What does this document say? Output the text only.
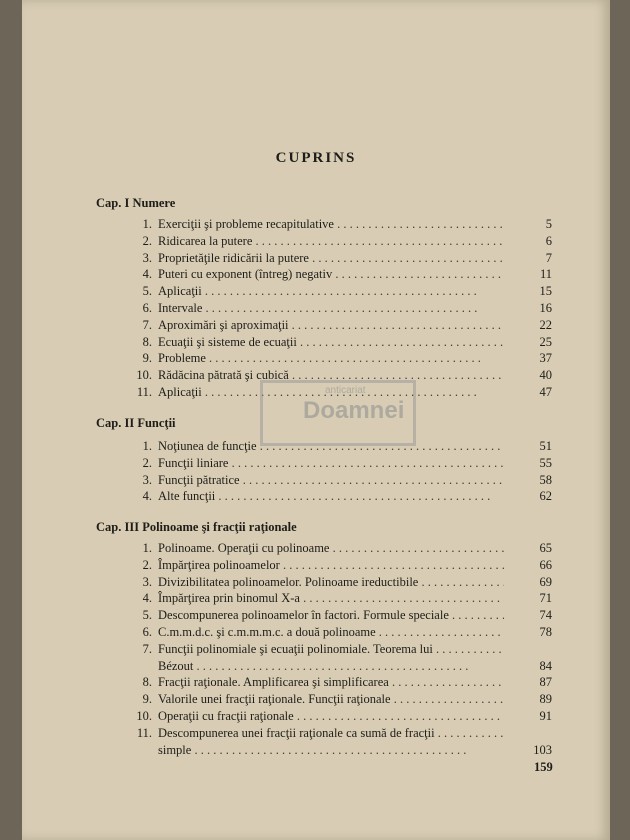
CUPRINS
Cap. I Numere
1. Exerciţii şi probleme recapitulative . . .	5
2. Ridicarea la putere . . .	6
3. Proprietăţile ridicării la putere . . .	7
4. Puteri cu exponent (întreg) negativ . . .	11
5. Aplicaţii . . .	15
6. Intervale . . .	16
7. Aproximări şi aproximaţii . . .	22
8. Ecuaţii şi sisteme de ecuaţii . . .	25
9. Probleme . . .	37
10. Rădăcina pătrată şi cubică . . .	40
11. Aplicaţii . . .	47
Cap. II Funcţii
1. Noţiunea de funcţie . . .	51
2. Funcţii liniare . . .	55
3. Funcţii pătratice . . .	58
4. Alte funcţii . . .	62
Cap. III Polinoame şi fracţii raţionale
1. Polinoame. Operaţii cu polinoame . . .	65
2. Împărţirea polinoamelor . . .	66
3. Divizibilitatea polinoamelor. Polinoame ireductibile . . .	69
4. Împărţirea prin binomul X-a . . .	71
5. Descompunerea polinoamelor în factori. Formule speciale . . .	74
6. C.m.m.d.c. şi c.m.m.m.c. a două polinoame . . .	78
7. Funcţii polinomiale şi ecuaţii polinomiale. Teorema lui . . .
Bézout . . .	84
8. Fracţii raţionale. Amplificarea şi simplificarea . . .	87
9. Valorile unei fracţii raţionale. Funcţii raţionale . . .	89
10. Operaţii cu fracţii raţionale . . .	91
11. Descompunerea unei fracţii raţionale ca sumă de fracţii . . .
simple . . .	103
anticariat
Doamnei
159
